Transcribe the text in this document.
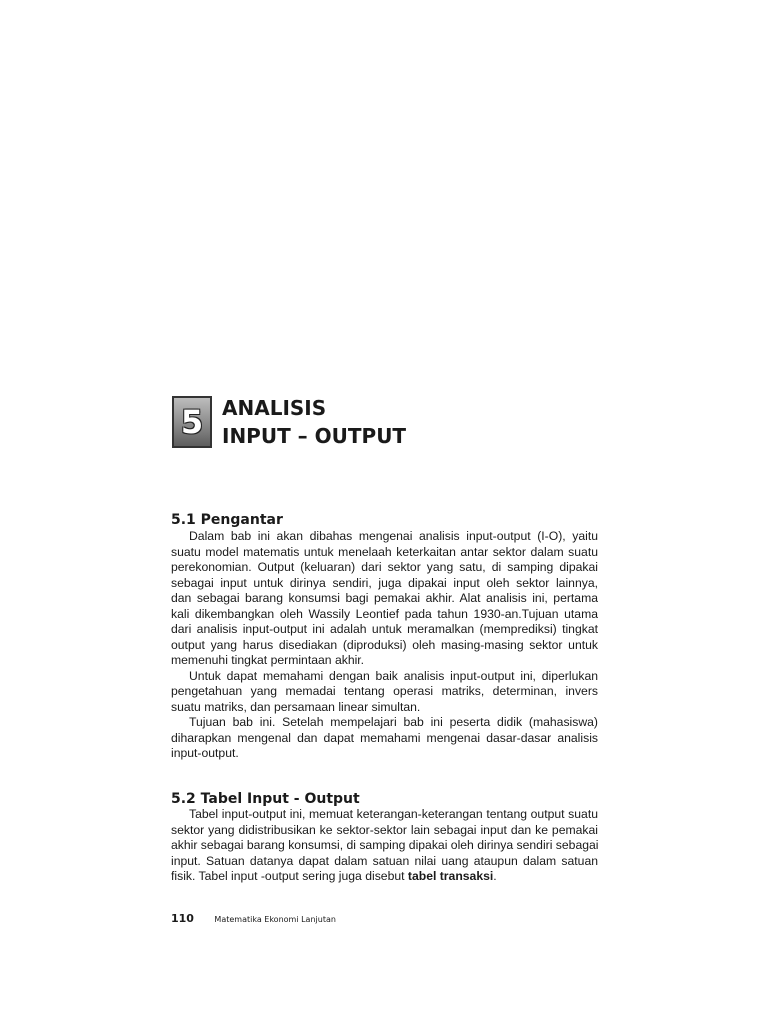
5 ANALISIS
INPUT – OUTPUT
5.1 Pengantar
Dalam bab ini akan dibahas mengenai analisis input-output (I-O), yaitu
suatu model matematis untuk menelaah keterkaitan antar sektor dalam suatu
perekonomian. Output (keluaran) dari sektor yang satu, di samping dipakai
sebagai input untuk dirinya sendiri, juga dipakai input oleh sektor lainnya,
dan sebagai barang konsumsi bagi pemakai akhir. Alat analisis ini, pertama
kali dikembangkan oleh Wassily Leontief pada tahun 1930-an.Tujuan utama
dari analisis input-output ini adalah untuk meramalkan (memprediksi) tingkat
output yang harus disediakan (diproduksi) oleh masing-masing sektor untuk
memenuhi tingkat permintaan akhir.
Untuk dapat memahami dengan baik analisis input-output ini, diperlukan
pengetahuan yang memadai tentang operasi matriks, determinan, invers
suatu matriks, dan persamaan linear simultan.
Tujuan bab ini. Setelah mempelajari bab ini peserta didik (mahasiswa)
diharapkan mengenal dan dapat memahami mengenai dasar-dasar analisis
input-output.
5.2 Tabel Input - Output
Tabel input-output ini, memuat keterangan-keterangan tentang output suatu
sektor yang didistribusikan ke sektor-sektor lain sebagai input dan ke pemakai
akhir sebagai barang konsumsi, di samping dipakai oleh dirinya sendiri sebagai
input. Satuan datanya dapat dalam satuan nilai uang ataupun dalam satuan
fisik. Tabel input -output sering juga disebut tabel transaksi.
110	Matematika Ekonomi Lanjutan
